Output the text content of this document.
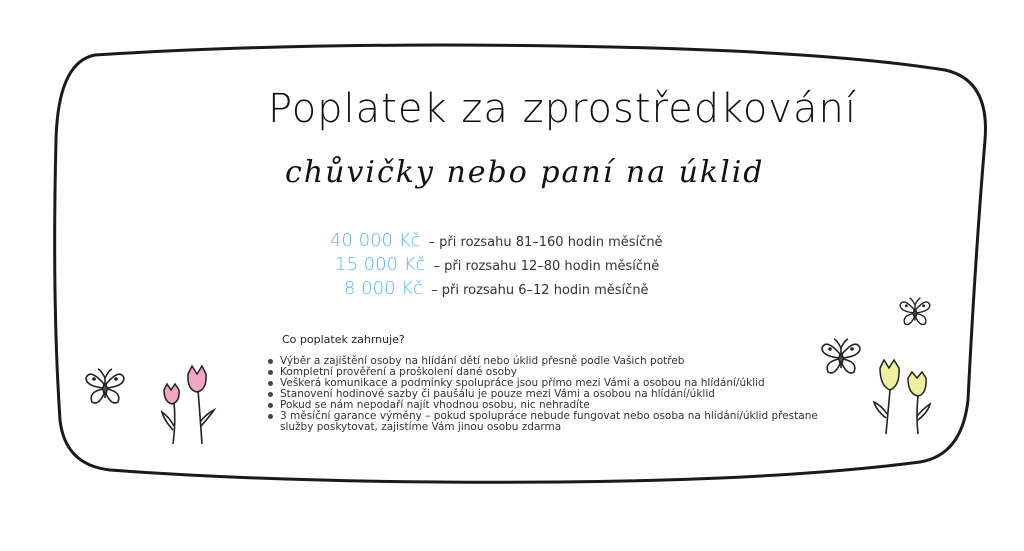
Poplatek za zprostředkování
chůvičky nebo paní na úklid
40 000 Kč – při rozsahu 81–160 hodin měsíčně
15 000 Kč – při rozsahu 12–80 hodin měsíčně
8 000 Kč – při rozsahu 6–12 hodin měsíčně
Co poplatek zahrnuje?
Výběr a zajištění osoby na hlídání dětí nebo úklid přesně podle Vašich potřeb
Kompletní prověření a proškolení dané osoby
Veškerá komunikace a podmínky spolupráce jsou přímo mezi Vámi a osobou na hlídání/úklid
Stanovení hodinové sazby či paušálu je pouze mezi Vámi a osobou na hlídání/úklid
Pokud se nám nepodaří najít vhodnou osobu, nic nehradíte
3 měsíční garance výměny – pokud spolupráce nebude fungovat nebo osoba na hlídání/úklid přestane služby poskytovat, zajistíme Vám jinou osobu zdarma
